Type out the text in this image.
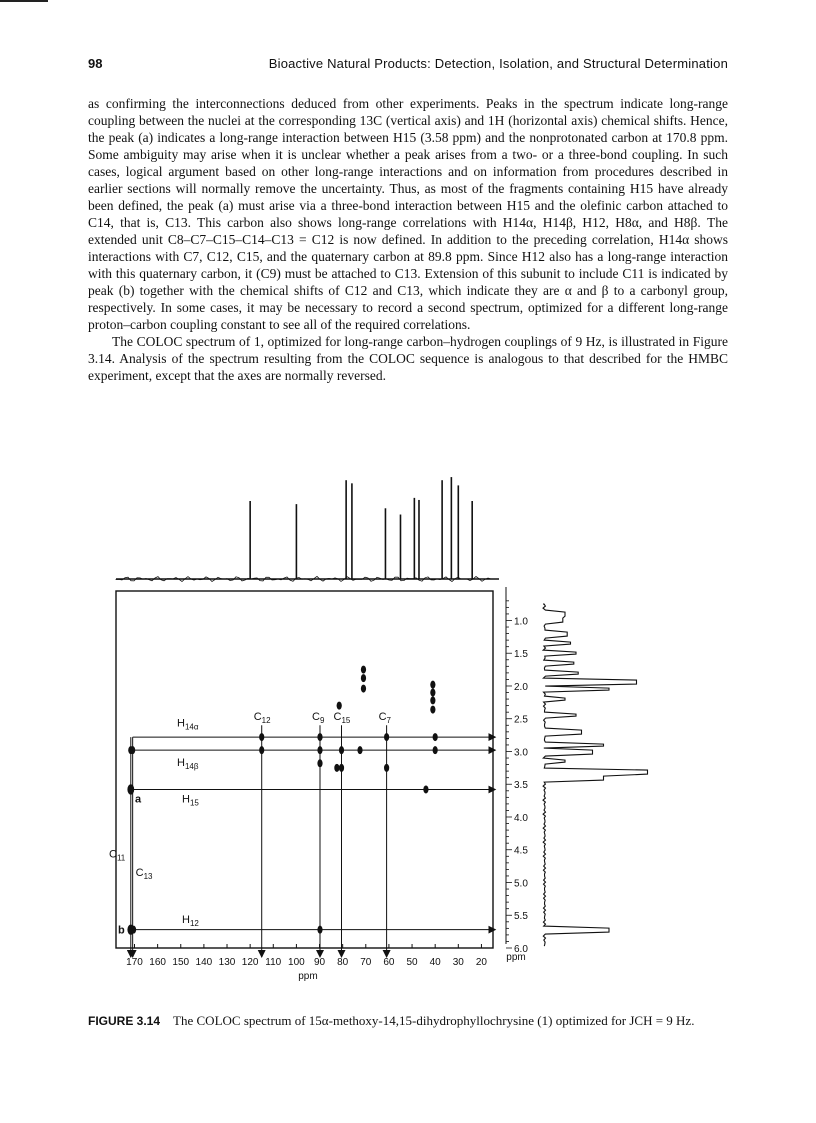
98	Bioactive Natural Products: Detection, Isolation, and Structural Determination

as confirming the interconnections deduced from other experiments. Peaks in the spectrum indicate long-range coupling between the nuclei at the corresponding 13C (vertical axis) and 1H (horizontal axis) chemical shifts. Hence, the peak (a) indicates a long-range interaction between H15 (3.58 ppm) and the nonprotonated carbon at 170.8 ppm. Some ambiguity may arise when it is unclear whether a peak arises from a two- or a three-bond coupling. In such cases, logical argument based on other long-range interactions and on information from procedures described in earlier sections will normally remove the uncertainty. Thus, as most of the fragments containing H15 have already been defined, the peak (a) must arise via a three-bond interaction between H15 and the olefinic carbon attached to C14, that is, C13. This carbon also shows long-range correlations with H14α, H14β, H12, H8α, and H8β. The extended unit C8–C7–C15–C14–C13 = C12 is now defined. In addition to the preceding correlation, H14α shows interactions with C7, C12, C15, and the quaternary carbon at 89.8 ppm. Since H12 also has a long-range interaction with this quaternary carbon, it (C9) must be attached to C13. Extension of this subunit to include C11 is indicated by peak (b) together with the chemical shifts of C12 and C13, which indicate they are α and β to a carbonyl group, respectively. In some cases, it may be necessary to record a second spectrum, optimized for a different long-range proton–carbon coupling constant to see all of the required correlations.

The COLOC spectrum of 1, optimized for long-range carbon–hydrogen couplings of 9 Hz, is illustrated in Figure 3.14. Analysis of the spectrum resulting from the COLOC sequence is analogous to that described for the HMBC experiment, except that the axes are normally reversed.

170 160 150 140 130 120 110 100 90 80 70 60 50 40 30 20
ppm
1.0
1.5
2.0
2.5
3.0
3.5
4.0
4.5
5.0
5.5
6.0
ppm
$H_{14\alpha}$
$H_{14\beta}$
$H_{15}$
$H_{12}$
$C_{12}$	$C_9$ $C_{15}$	$C_7$
$C_{11}$
$C_{13}$
a
b
FIGURE 3.14 The COLOC spectrum of 15α-methoxy-14,15-dihydrophyllochrysine (1) optimized for JCH = 9 Hz.
